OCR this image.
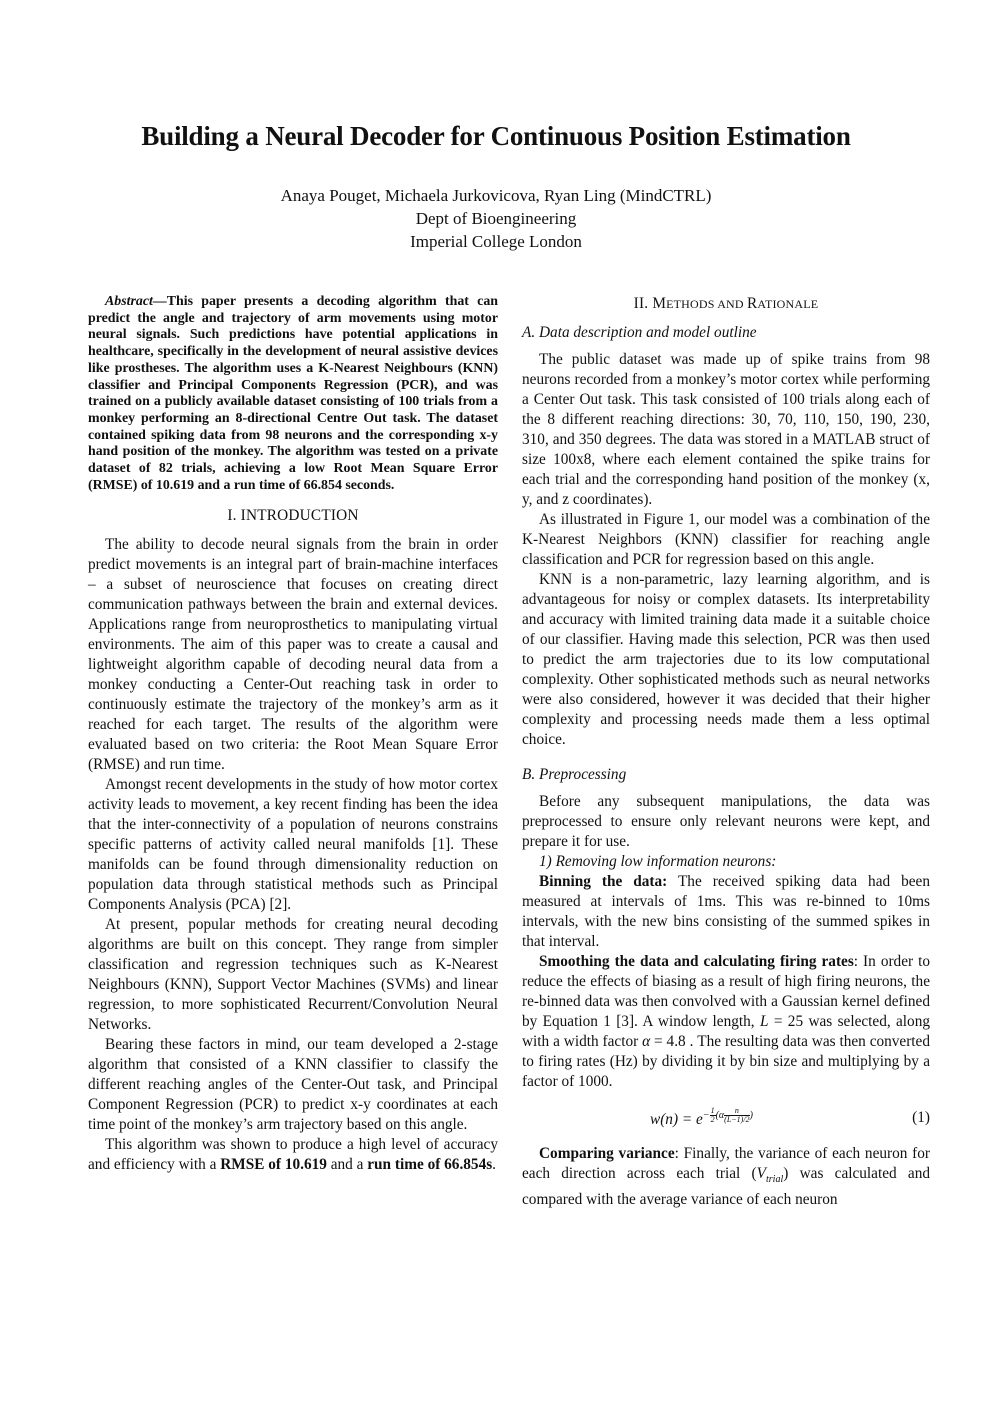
Building a Neural Decoder for Continuous Position Estimation
Anaya Pouget, Michaela Jurkovicova, Ryan Ling (MindCTRL)
Dept of Bioengineering
Imperial College London

Abstract—This paper presents a decoding algorithm that can predict the angle and trajectory of arm movements using motor neural signals. Such predictions have potential applications in healthcare, specifically in the development of neural assistive devices like prostheses. The algorithm uses a K-Nearest Neighbours (KNN) classifier and Principal Components Regression (PCR), and was trained on a publicly available dataset consisting of 100 trials from a monkey performing an 8-directional Centre Out task. The dataset contained spiking data from 98 neurons and the corresponding x-y hand position of the monkey. The algorithm was tested on a private dataset of 82 trials, achieving a low Root Mean Square Error (RMSE) of 10.619 and a run time of 66.854 seconds.

I. INTRODUCTION

The ability to decode neural signals from the brain in order predict movements is an integral part of brain-machine interfaces – a subset of neuroscience that focuses on creating direct communication pathways between the brain and external devices. Applications range from neuroprosthetics to manipulating virtual environments. The aim of this paper was to create a causal and lightweight algorithm capable of decoding neural data from a monkey conducting a Center-Out reaching task in order to continuously estimate the trajectory of the monkey’s arm as it reached for each target. The results of the algorithm were evaluated based on two criteria: the Root Mean Square Error (RMSE) and run time.

Amongst recent developments in the study of how motor cortex activity leads to movement, a key recent finding has been the idea that the inter-connectivity of a population of neurons constrains specific patterns of activity called neural manifolds [1]. These manifolds can be found through dimensionality reduction on population data through statistical methods such as Principal Components Analysis (PCA) [2].

At present, popular methods for creating neural decoding algorithms are built on this concept. They range from simpler classification and regression techniques such as K-Nearest Neighbours (KNN), Support Vector Machines (SVMs) and linear regression, to more sophisticated Recurrent/Convolution Neural Networks.

Bearing these factors in mind, our team developed a 2-stage algorithm that consisted of a KNN classifier to classify the different reaching angles of the Center-Out task, and Principal Component Regression (PCR) to predict x-y coordinates at each time point of the monkey’s arm trajectory based on this angle.

This algorithm was shown to produce a high level of accuracy and efficiency with a RMSE of 10.619 and a run time of 66.854s.

II. METHODS AND RATIONALE
A. Data description and model outline

The public dataset was made up of spike trains from 98 neurons recorded from a monkey’s motor cortex while performing a Center Out task. This task consisted of 100 trials along each of the 8 different reaching directions: 30, 70, 110, 150, 190, 230, 310, and 350 degrees. The data was stored in a MATLAB struct of size 100x8, where each element contained the spike trains for each trial and the corresponding hand position of the monkey (x, y, and z coordinates).

As illustrated in Figure 1, our model was a combination of the K-Nearest Neighbors (KNN) classifier for reaching angle classification and PCR for regression based on this angle.

KNN is a non-parametric, lazy learning algorithm, and is advantageous for noisy or complex datasets. Its interpretability and accuracy with limited training data made it a suitable choice of our classifier. Having made this selection, PCR was then used to predict the arm trajectories due to its low computational complexity. Other sophisticated methods such as neural networks were also considered, however it was decided that their higher complexity and processing needs made them a less optimal choice.

B. Preprocessing

Before any subsequent manipulations, the data was preprocessed to ensure only relevant neurons were kept, and prepare it for use.

1) Removing low information neurons:

Binning the data: The received spiking data had been measured at intervals of 1ms. This was re-binned to 10ms intervals, with the new bins consisting of the summed spikes in that interval.

Smoothing the data and calculating firing rates: In order to reduce the effects of biasing as a result of high firing neurons, the re-binned data was then convolved with a Gaussian kernel defined by Equation 1 [3]. A window length, L = 25 was selected, along with a width factor α = 4.8 . The resulting data was then converted to firing rates (Hz) by dividing it by bin size and multiplying by a factor of 1000.

$w(n) = e^{- \frac{1}{2} (\alpha \frac{n}{(L-1)/2} )}$	(1)

Comparing variance: Finally, the variance of each neuron for each direction across each trial $(V_{trial})$ was calculated and compared with the average variance of each neuron
